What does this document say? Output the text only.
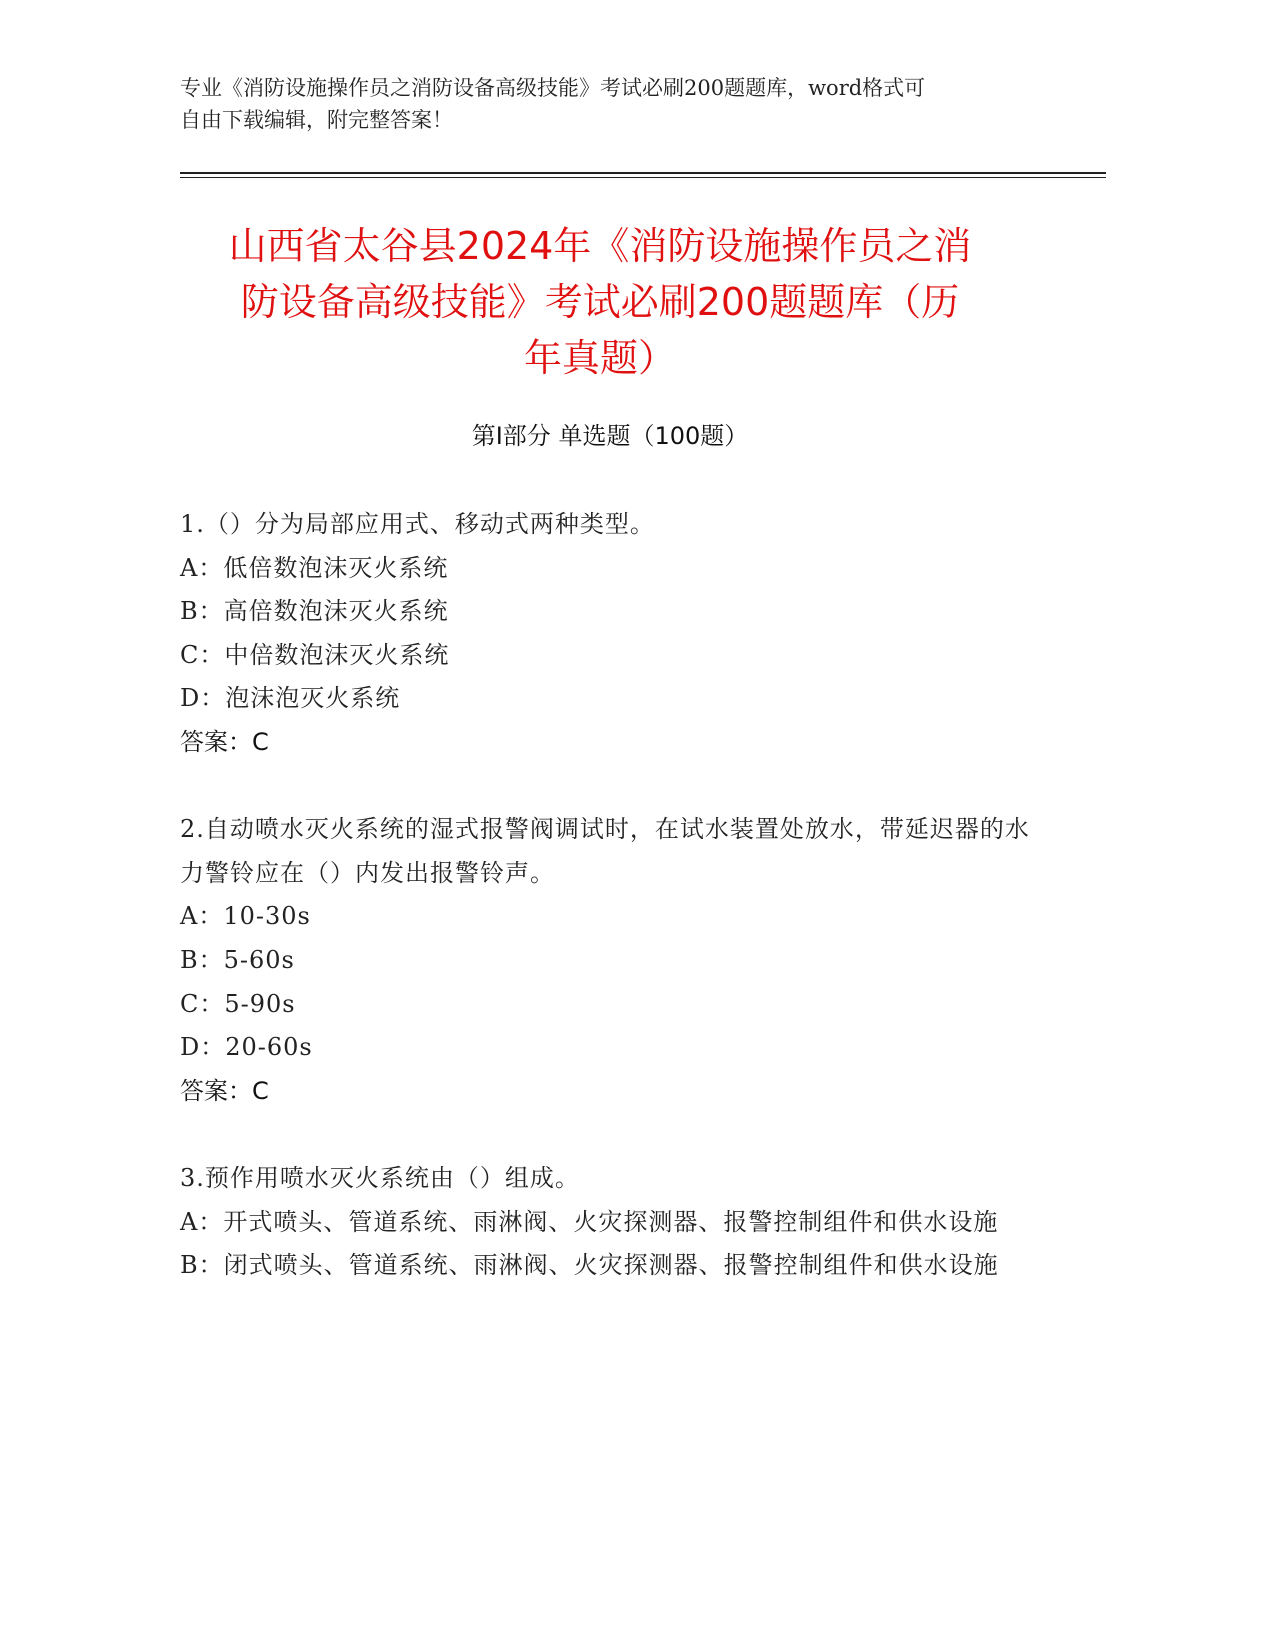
专业《消防设施操作员之消防设备高级技能》考试必刷200题题库，word格式可
自由下载编辑，附完整答案！
山西省太谷县2024年《消防设施操作员之消
防设备高级技能》考试必刷200题题库（历
年真题）
第I部分 单选题（100题）

1.（）分为局部应用式、移动式两种类型。

A：低倍数泡沫灭火系统

B：高倍数泡沫灭火系统

C：中倍数泡沫灭火系统

D：泡沫泡灭火系统

答案：C

2.自动喷水灭火系统的湿式报警阀调试时，在试水装置处放水，带延迟器的水力警铃应在（）内发出报警铃声。

A：10-30s

B：5-60s

C：5-90s

D：20-60s

答案：C

3.预作用喷水灭火系统由（）组成。

A：开式喷头、管道系统、雨淋阀、火灾探测器、报警控制组件和供水设施

B：闭式喷头、管道系统、雨淋阀、火灾探测器、报警控制组件和供水设施
